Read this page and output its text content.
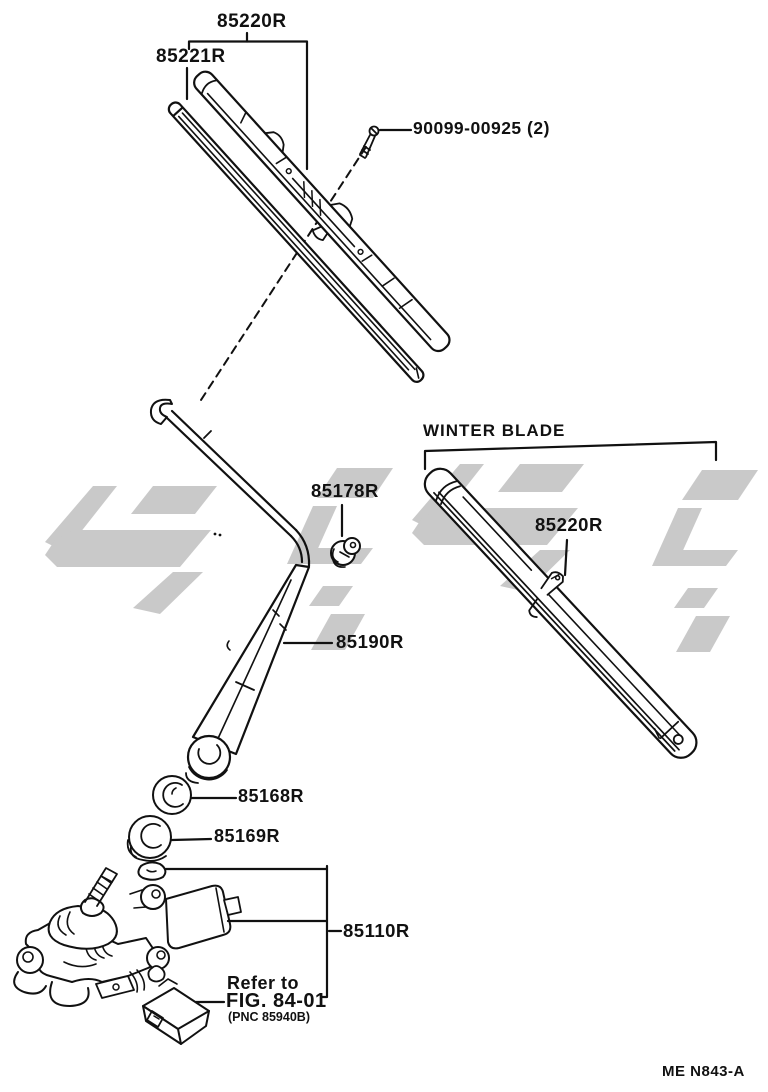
85220R
85221R
90099-00925 (2)
WINTER BLADE
85220R
85178R
85190R
85168R
85169R
85110R
Refer to
FIG. 84-01
(PNC 85940B)
ME N843-A
